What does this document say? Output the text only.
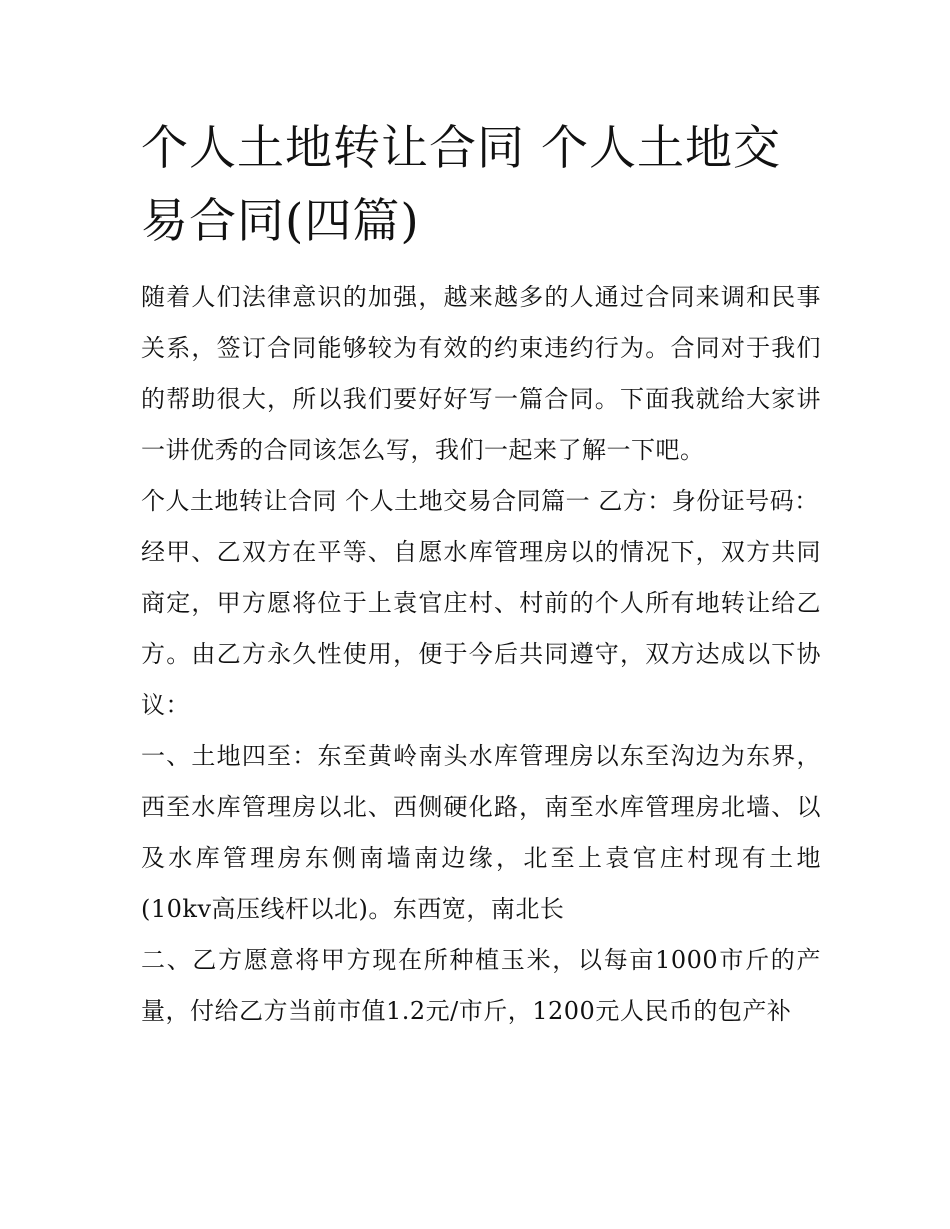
个人土地转让合同 个人土地交易合同(四篇)

随着人们法律意识的加强，越来越多的人通过合同来调和民事关系，签订合同能够较为有效的约束违约行为。合同对于我们的帮助很大，所以我们要好好写一篇合同。下面我就给大家讲一讲优秀的合同该怎么写，我们一起来了解一下吧。

个人土地转让合同 个人土地交易合同篇一 乙方：身份证号码：

经甲、乙双方在平等、自愿水库管理房以的情况下，双方共同商定，甲方愿将位于上袁官庄村、村前的个人所有地转让给乙方。由乙方永久性使用，便于今后共同遵守，双方达成以下协议：

一、土地四至：东至黄岭南头水库管理房以东至沟边为东界，西至水库管理房以北、西侧硬化路，南至水库管理房北墙、以及水库管理房东侧南墙南边缘，北至上袁官庄村现有土地(10kv高压线杆以北)。东西宽，南北长

二、乙方愿意将甲方现在所种植玉米，以每亩1000市斤的产量，付给乙方当前市值1.2元/市斤，1200元人民币的包产补
